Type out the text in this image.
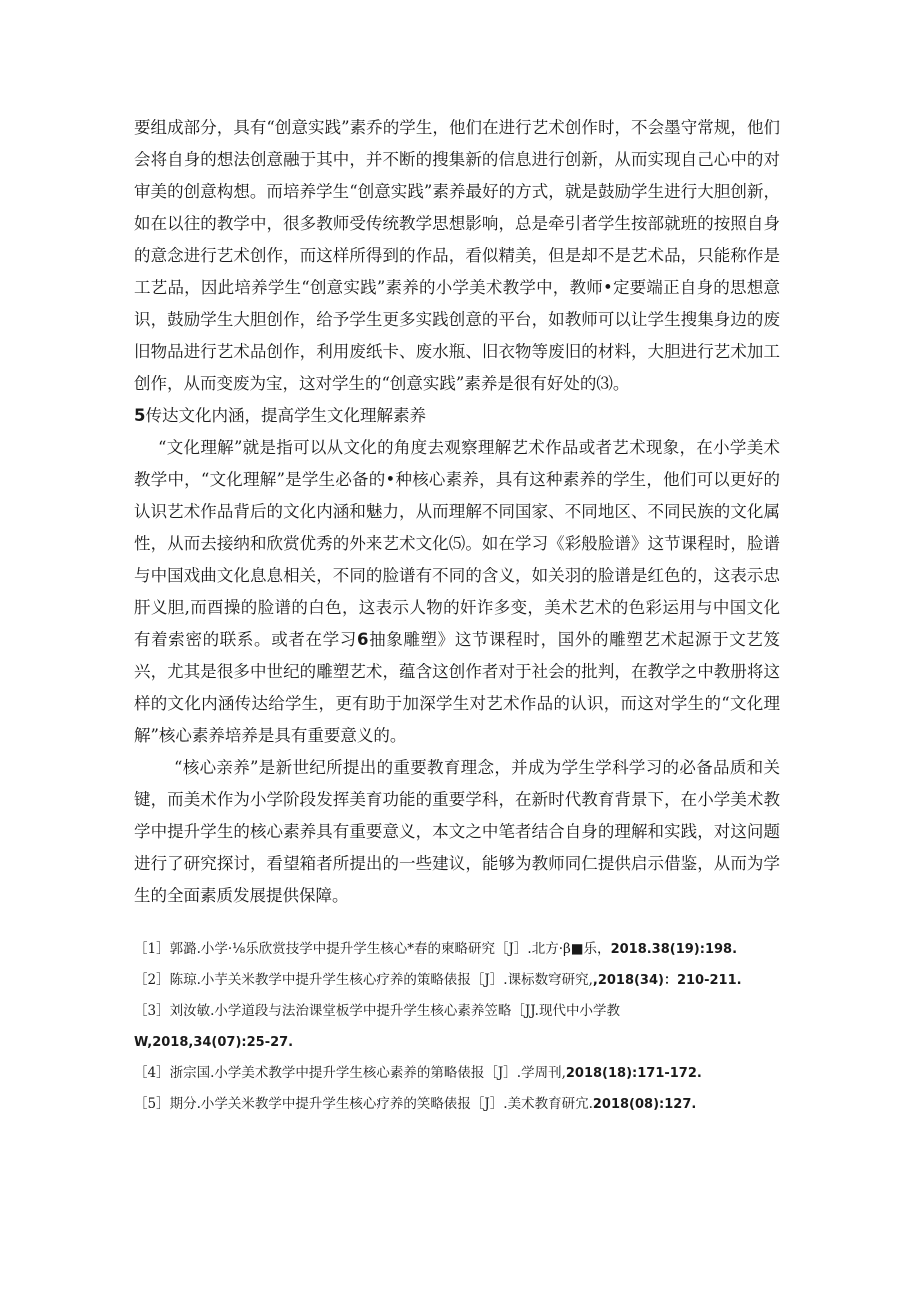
要组成部分，具有“创意实践”素乔的学生，他们在进行艺术创作时，不会墨守常规，他们会将自身的想法创意融于其中，并不断的搜集新的信息进行创新，从而实现自己心中的对审美的创意构想。而培养学生“创意实践”素养最好的方式，就是鼓励学生进行大胆创新，如在以往的教学中，很多教师受传统教学思想影响，总是牵引者学生按部就班的按照自身的意念进行艺术创作，而这样所得到的作品，看似精美，但是却不是艺术品，只能称作是工艺品，因此培养学生“创意实践”素养的小学美术教学中，教师•定要端正自身的思想意识，鼓励学生大胆创作，给予学生更多实践创意的平台，如教师可以让学生搜集身边的废旧物品进行艺术品创作，利用废纸卡、废水瓶、旧衣物等废旧的材料，大胆进行艺术加工创作，从而变废为宝，这对学生的“创意实践”素养是很有好处的⑶。

5传达文化内涵，提高学生文化理解素养

“文化理解”就是指可以从文化的角度去观察理解艺术作品或者艺术现象，在小学美术教学中，“文化理解”是学生必备的•种核心素养，具有这种素养的学生，他们可以更好的认识艺术作品背后的文化内涵和魅力，从而理解不同国家、不同地区、不同民族的文化属性，从而去接纳和欣赏优秀的外来艺术文化⑸。如在学习《彩般脸谱》这节课程时，脸谱与中国戏曲文化息息相关，不同的脸谱有不同的含义，如关羽的脸谱是红色的，这表示忠肝义胆,而酉操的脸谱的白色，这表示人物的奸诈多变，美术艺术的色彩运用与中国文化有着索密的联系。或者在学习6抽象雕塑》这节课程时，国外的雕塑艺术起源于文艺笈兴，尤其是很多中世纪的雕塑艺术，蕴含这创作者对于社会的批判，在教学之中教册将这样的文化内涵传达给学生，更有助于加深学生对艺术作品的认识，而这对学生的“文化理解”核心素养培养是具有重要意义的。

“核心亲养”是新世纪所提出的重要教育理念，并成为学生学科学习的必备品质和关键，而美术作为小学阶段发挥美育功能的重要学科，在新时代教育背景下，在小学美术教学中提升学生的核心素养具有重要意义，本文之中笔者结合自身的理解和实践，对这问题进行了研究探讨，看望箱者所提出的一些建议，能够为教师同仁提供启示借鉴，从而为学生的全面素质发展提供保障。

［1］郭潞.小学·⅛乐欣赏技学中提升学生核心*春的柬略研究［J］.北方·β■乐，2018.38(19):198.

［2］陈琼.小芋关米教学中提升学生核心疗养的策略俵报［J］.课标数穹研究,,2018(34)：210-211.

［3］刘汝敏.小学道段与法治课堂板学中提升学生核心素养笠略［JJ.现代中小学教

W,2018,34(07):25-27.

［4］浙宗国.小学美术教学中提升学生核心素养的第略俵报［J］.学周刊,2018(18):171-172.

［5］期分.小学关米教学中提升学生核心疗养的笑略俵报［J］.美术教育研宂.2018(08):127.
